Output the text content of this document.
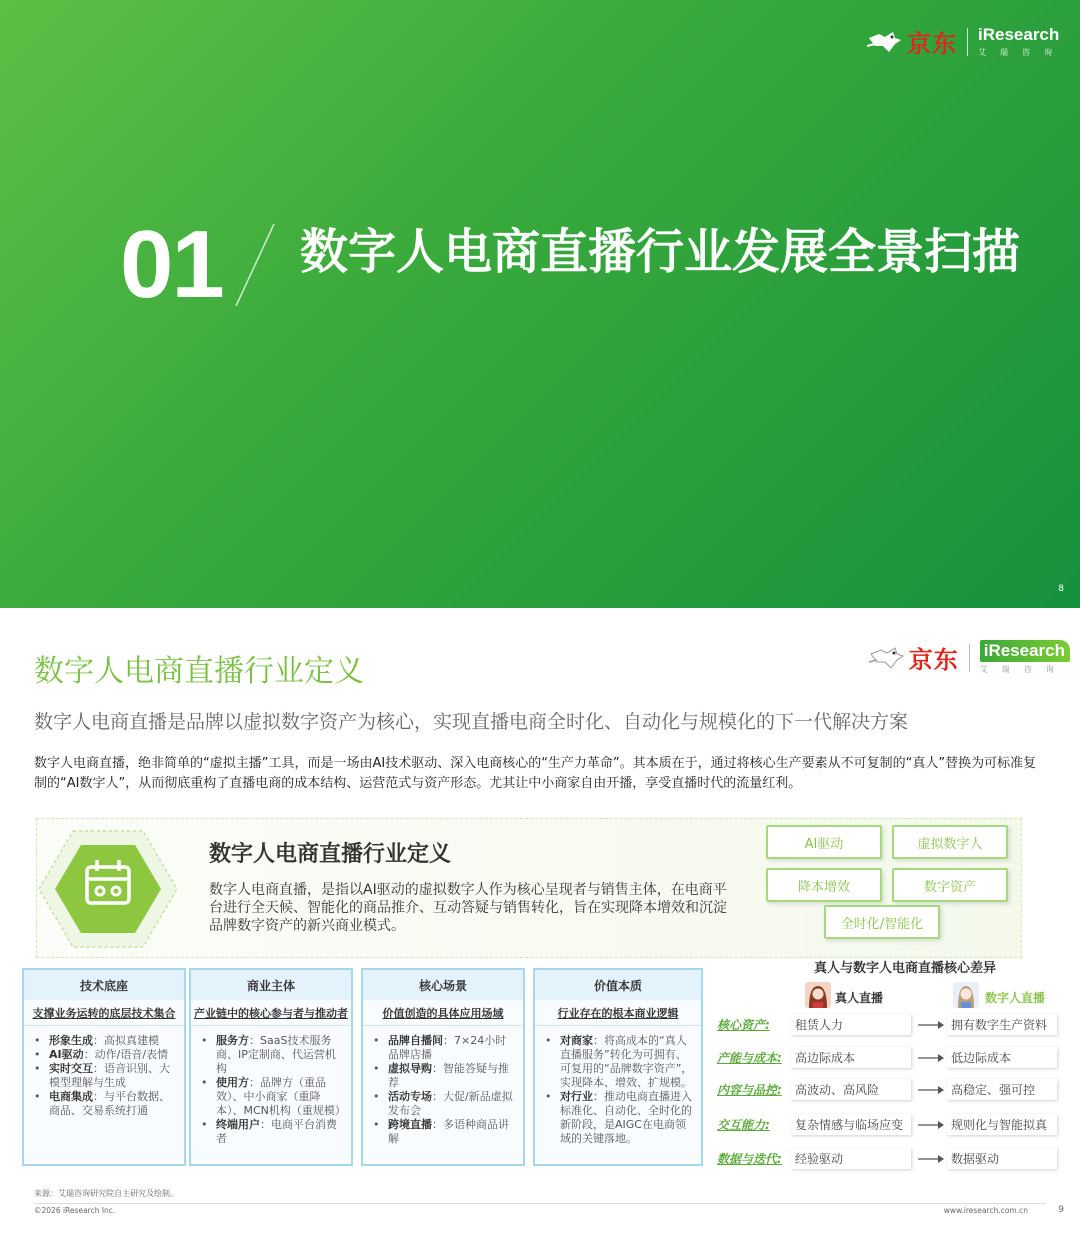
京东 iResearch
艾瑞咨询
01 数字人电商直播行业发展全景扫描
8
京东 iResearch
艾瑞咨询
数字人电商直播行业定义
数字人电商直播是品牌以虚拟数字资产为核心，实现直播电商全时化、自动化与规模化的下一代解决方案

数字人电商直播，绝非简单的“虚拟主播”工具，而是一场由AI技术驱动、深入电商核心的“生产力革命”。其本质在于，通过将核心生产要素从不可复制的“真人”替换为可标准复制的“AI数字人”，从而彻底重构了直播电商的成本结构、运营范式与资产形态。尤其让中小商家自由开播，享受直播时代的流量红利。

数字人电商直播行业定义
数字人电商直播，是指以AI驱动的虚拟数字人作为核心呈现者与销售主体，在电商平台进行全天候、智能化的商品推介、互动答疑与销售转化，旨在实现降本增效和沉淀品牌数字资产的新兴商业模式。
AI驱动	虚拟数字人
降本增效	数字资产
全时化/智能化
技术底座
支撑业务运转的底层技术集合
• 形象生成：高拟真建模
• AI驱动：动作/语音/表情
• 实时交互：语音识别、大模型理解与生成
• 电商集成：与平台数据、商品、交易系统打通
商业主体
产业链中的核心参与者与推动者
• 服务方：SaaS技术服务商、IP定制商、代运营机构
• 使用方：品牌方（重品效）、中小商家（重降本）、MCN机构（重规模）
• 终端用户：电商平台消费者
核心场景
价值创造的具体应用场域
• 品牌自播间：7×24小时品牌店播
• 虚拟导购：智能答疑与推荐
• 活动专场：大促/新品虚拟发布会
• 跨境直播：多语种商品讲解
价值本质
行业存在的根本商业逻辑
• 对商家：将高成本的“真人直播服务”转化为可拥有、可复用的“品牌数字资产”，实现降本、增效、扩规模。
• 对行业：推动电商直播进入标准化、自动化、全时化的新阶段，是AIGC在电商领域的关键落地。
真人与数字人电商直播核心差异
真人直播	数字人直播
核心资产:	租赁人力	拥有数字生产资料
产能与成本:	高边际成本	低边际成本
内容与品控:	高波动、高风险	高稳定、强可控
交互能力:	复杂情感与临场应变	规则化与智能拟真
数据与迭代:	经验驱动	数据驱动
来源：艾瑞咨询研究院自主研究及绘制。
©2026 iResearch Inc.	www.iresearch.com.cn	9
